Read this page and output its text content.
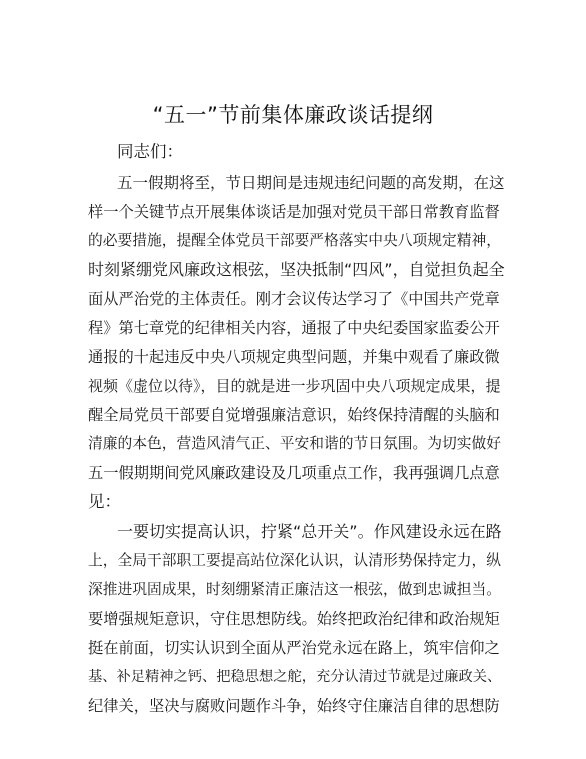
“五一”节前集体廉政谈话提纲

同志们：

五一假期将至，节日期间是违规违纪问题的高发期，在这

样一个关键节点开展集体谈话是加强对党员干部日常教育监督

的必要措施，提醒全体党员干部要严格落实中央八项规定精神，

时刻紧绷党风廉政这根弦，坚决抵制“四风”，自觉担负起全

面从严治党的主体责任。刚才会议传达学习了《中国共产党章

程》第七章党的纪律相关内容，通报了中央纪委国家监委公开

通报的十起违反中央八项规定典型问题，并集中观看了廉政微

视频《虚位以待》，目的就是进一步巩固中央八项规定成果，提

醒全局党员干部要自觉增强廉洁意识，始终保持清醒的头脑和

清廉的本色，营造风清气正、平安和谐的节日氛围。为切实做好

五一假期期间党风廉政建设及几项重点工作，我再强调几点意

见：

一要切实提高认识，拧紧“总开关”。作风建设永远在路

上，全局干部职工要提高站位深化认识，认清形势保持定力，纵

深推进巩固成果，时刻绷紧清正廉洁这一根弦，做到忠诚担当。

要增强规矩意识，守住思想防线。始终把政治纪律和政治规矩

挺在前面，切实认识到全面从严治党永远在路上，筑牢信仰之

基、补足精神之钙、把稳思想之舵，充分认清过节就是过廉政关、

纪律关，坚决与腐败问题作斗争，始终守住廉洁自律的思想防
